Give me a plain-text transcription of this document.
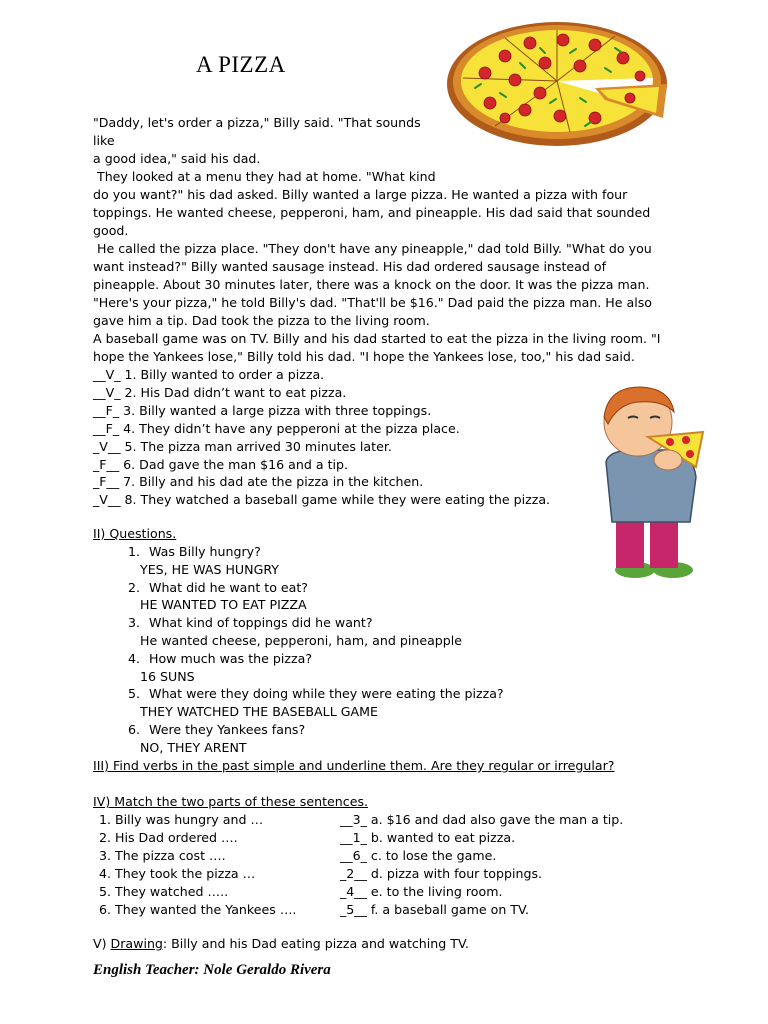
A PIZZA
"Daddy, let's order a pizza," Billy said. "That sounds like
a good idea," said his dad.
They looked at a menu they had at home. "What kind
do you want?" his dad asked. Billy wanted a large pizza. He wanted a pizza with four toppings. He wanted cheese, pepperoni, ham, and pineapple. His dad said that sounded good.
He called the pizza place. "They don't have any pineapple," dad told Billy. "What do you want instead?" Billy wanted sausage instead. His dad ordered sausage instead of pineapple. About 30 minutes later, there was a knock on the door. It was the pizza man. "Here's your pizza," he told Billy's dad. "That'll be $16." Dad paid the pizza man. He also gave him a tip. Dad took the pizza to the living room.
A baseball game was on TV. Billy and his dad started to eat the pizza in the living room. "I hope the Yankees lose," Billy told his dad. "I hope the Yankees lose, too," his dad said.
__V_ 1. Billy wanted to order a pizza.
__V_ 2. His Dad didn’t want to eat pizza.
__F_ 3. Billy wanted a large pizza with three toppings.
__F_ 4. They didn’t have any pepperoni at the pizza place.
_V__ 5. The pizza man arrived 30 minutes later.
_F__ 6. Dad gave the man $16 and a tip.
_F__ 7. Billy and his dad ate the pizza in the kitchen.
_V__ 8. They watched a baseball game while they were eating the pizza.
II) Questions.
1. Was Billy hungry?
YES, HE WAS HUNGRY
2. What did he want to eat?
HE WANTED TO EAT PIZZA
3. What kind of toppings did he want?
He wanted cheese, pepperoni, ham, and pineapple
4. How much was the pizza?
16 SUNS
5. What were they doing while they were eating the pizza?
THEY WATCHED THE BASEBALL GAME
6. Were they Yankees fans?
NO, THEY ARENT
III) Find verbs in the past simple and underline them. Are they regular or irregular?
IV) Match the two parts of these sentences.
1. Billy was hungry and …
2. His Dad ordered ….
3. The pizza cost ….
4. They took the pizza …
5. They watched …..
6. They wanted the Yankees ….
__3_ a. $16 and dad also gave the man a tip.
__1_ b. wanted to eat pizza.
__6_ c. to lose the game.
_2__ d. pizza with four toppings.
_4__ e. to the living room.
_5__ f. a baseball game on TV.
V) Drawing: Billy and his Dad eating pizza and watching TV.
English Teacher: Nole Geraldo Rivera
